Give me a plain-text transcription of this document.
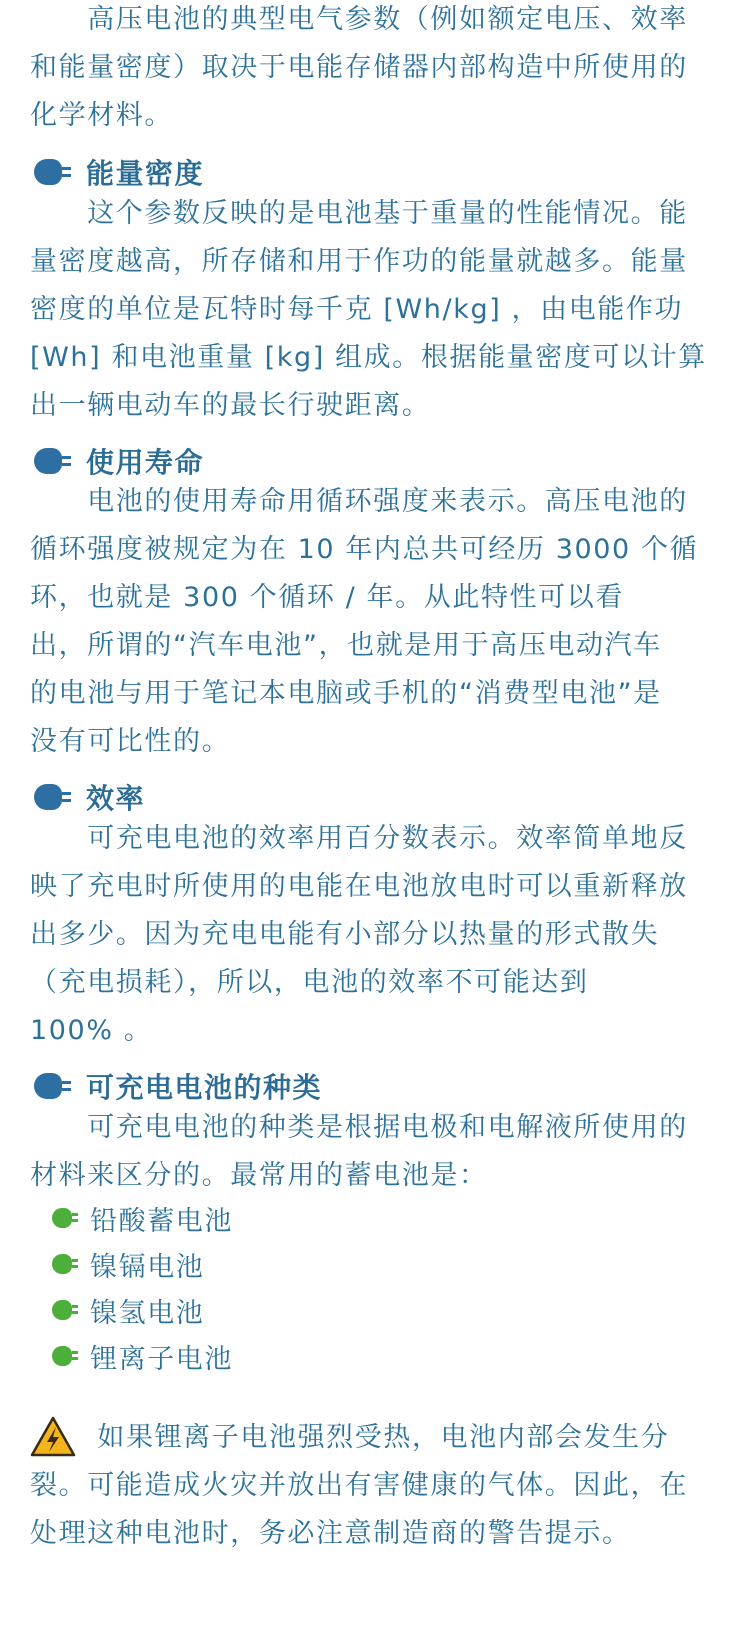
　　高压电池的典型电气参数（例如额定电压、效率
和能量密度）取决于电能存储器内部构造中所使用的
化学材料。

能量密度

　　这个参数反映的是电池基于重量的性能情况。能
量密度越高，所存储和用于作功的能量就越多。能量
密度的单位是瓦特时每千克 [Wh/kg] ，由电能作功
[Wh] 和电池重量 [kg] 组成。根据能量密度可以计算
出一辆电动车的最长行驶距离。

使用寿命

　　电池的使用寿命用循环强度来表示。高压电池的
循环强度被规定为在 10 年内总共可经历 3000 个循
环，也就是 300 个循环 / 年。从此特性可以看
出，所谓的“汽车电池”，也就是用于高压电动汽车
的电池与用于笔记本电脑或手机的“消费型电池”是
没有可比性的。

效率

　　可充电电池的效率用百分数表示。效率简单地反
映了充电时所使用的电能在电池放电时可以重新释放
出多少。因为充电电能有小部分以热量的形式散失
（充电损耗），所以，电池的效率不可能达到
100% 。

可充电电池的种类

　　可充电电池的种类是根据电极和电解液所使用的
材料来区分的。最常用的蓄电池是：

铅酸蓄电池
镍镉电池
镍氢电池
锂离子电池

　　 如果锂离子电池强烈受热，电池内部会发生分
裂。可能造成火灾并放出有害健康的气体。因此，在
处理这种电池时，务必注意制造商的警告提示。
